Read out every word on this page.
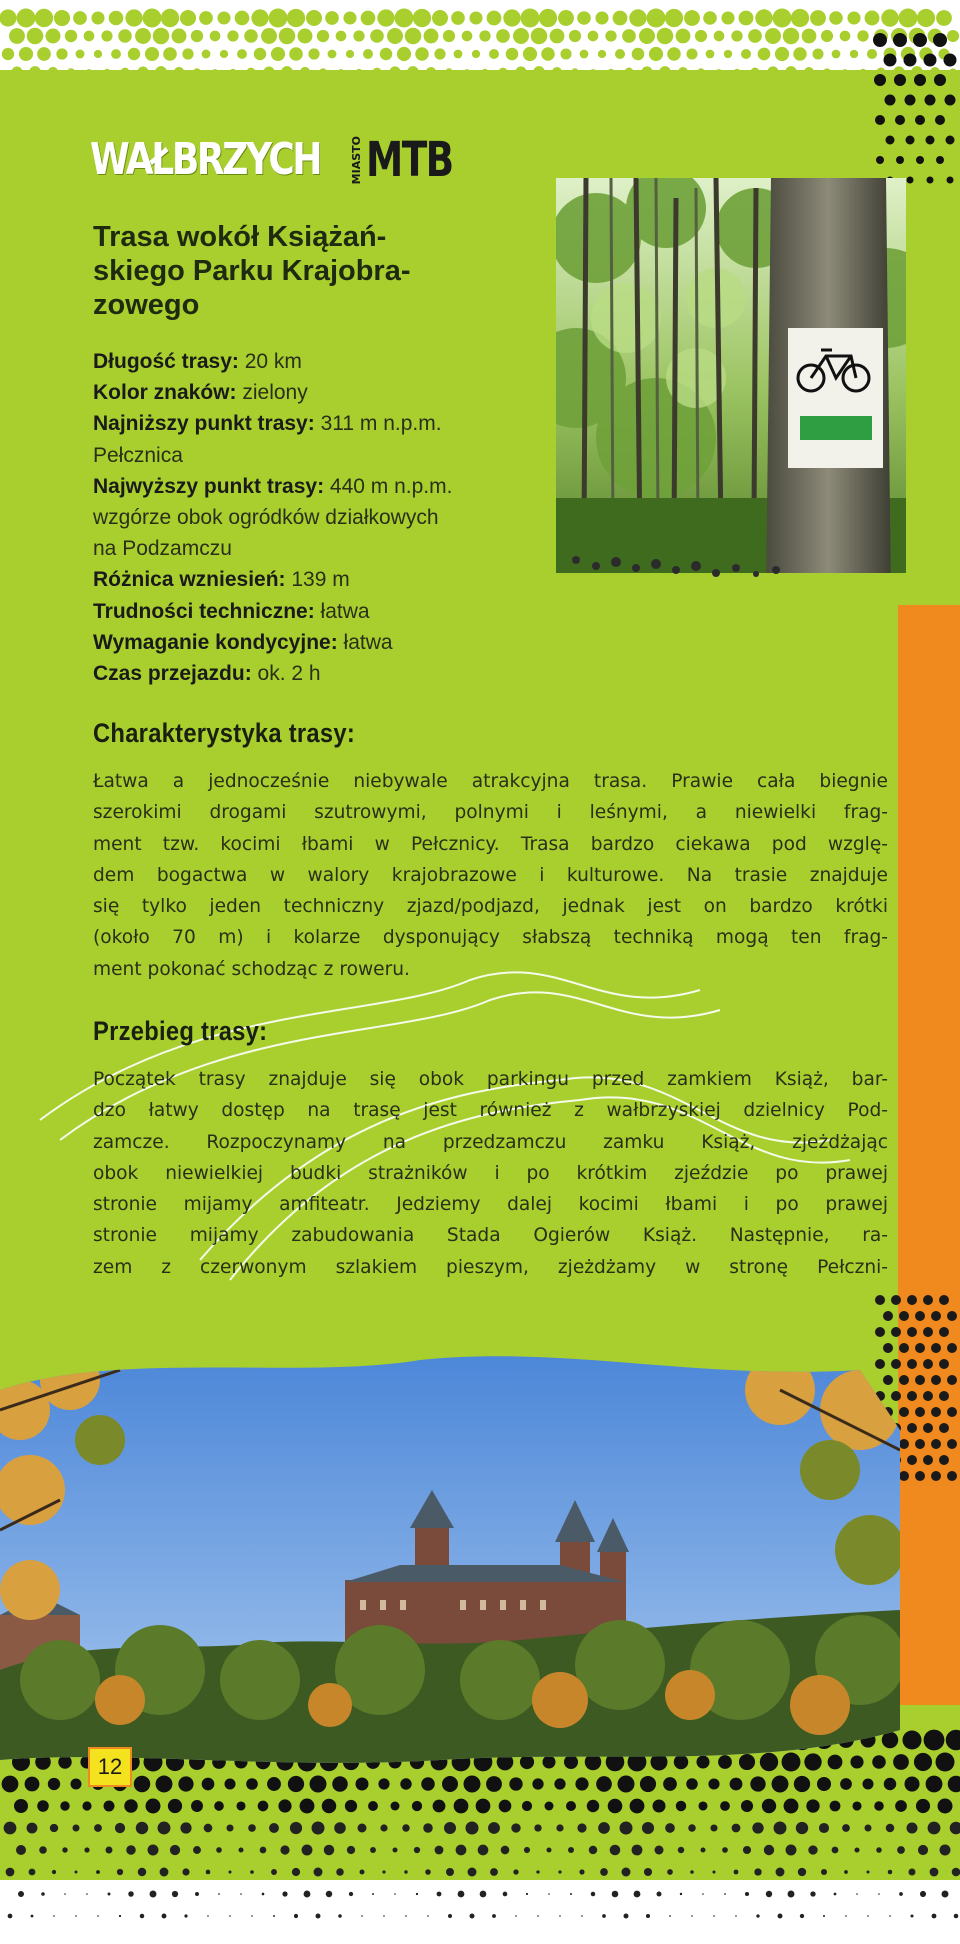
WAŁBRZYCH	MIASTO MTB
Trasa wokół Książań-
skiego Parku Krajobra-
zowego
Długość trasy: 20 km
Kolor znaków: zielony
Najniższy punkt trasy: 311 m n.p.m.
Pełcznica
Najwyższy punkt trasy: 440 m n.p.m.
wzgórze obok ogródków działkowych
na Podzamczu
Różnica wzniesień: 139 m
Trudności techniczne: łatwa
Wymaganie kondycyjne: łatwa
Czas przejazdu: ok. 2 h
Charakterystyka trasy:
Łatwa a jednocześnie niebywale atrakcyjna trasa. Prawie cała biegnie
szerokimi drogami szutrowymi, polnymi i leśnymi, a niewielki frag-
ment tzw. kocimi łbami w Pełcznicy. Trasa bardzo ciekawa pod wzglę-
dem bogactwa w walory krajobrazowe i kulturowe. Na trasie znajduje
się tylko jeden techniczny zjazd/podjazd, jednak jest on bardzo krótki
(około 70 m) i kolarze dysponujący słabszą techniką mogą ten frag-
ment pokonać schodząc z roweru.
Przebieg trasy:
Początek trasy znajduje się obok parkingu przed zamkiem Książ, bar-
dzo łatwy dostęp na trasę jest również z wałbrzyskiej dzielnicy Pod-
zamcze. Rozpoczynamy na przedzamczu zamku Książ, zjeżdżając
obok niewielkiej budki strażników i po krótkim zjeździe po prawej
stronie mijamy amfiteatr. Jedziemy dalej kocimi łbami i po prawej
stronie mijamy zabudowania Stada Ogierów Książ. Następnie, ra-
zem z czerwonym szlakiem pieszym, zjeżdżamy w stronę Pełczni-
12
